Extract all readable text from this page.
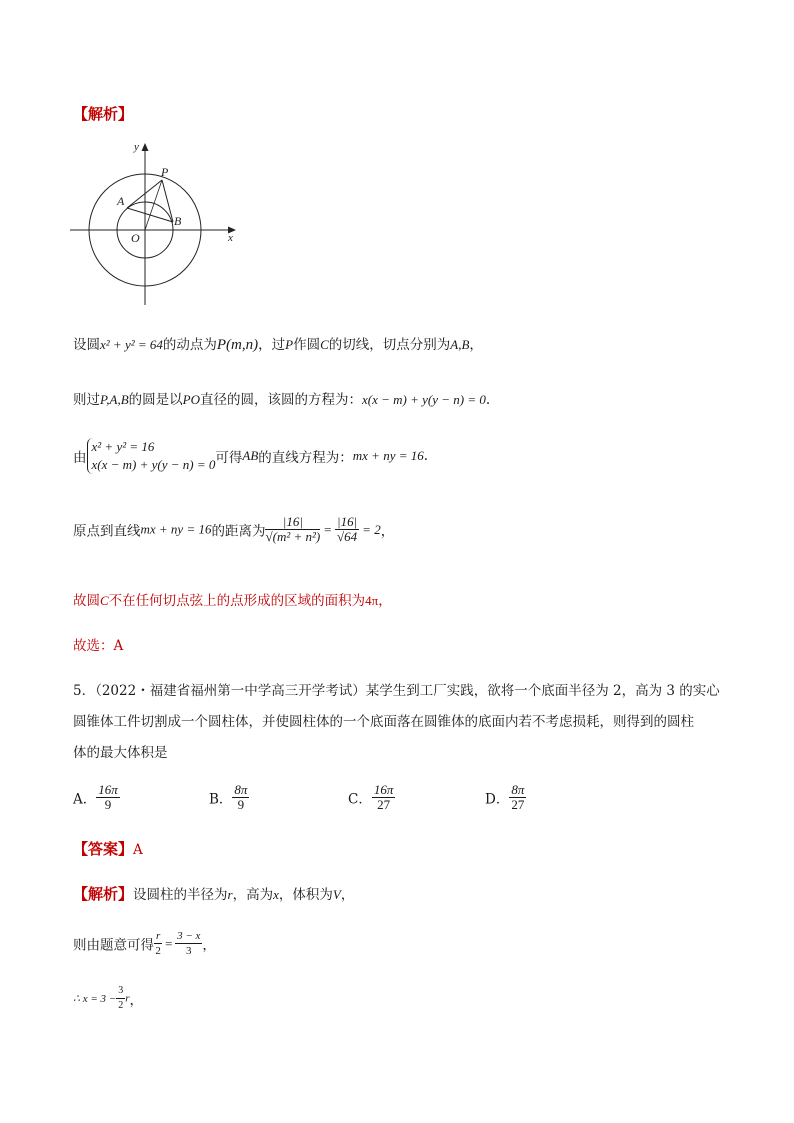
【解析】
y
x
P
A
B
O
设圆x² + y² = 64的动点为P(m,n)，过P作圆C的切线，切点分别为A,B，
则过P,A,B的圆是以PO直径的圆，该圆的方程为：x(x − m) + y(y − n) = 0.
由
x² + y² = 16
x(x − m) + y(y − n) = 0 可得AB的直线方程为：mx + ny = 16.
原点到直线mx + ny = 16的距离为 $\frac{|16|}{\text{√(m² + n²)}} = \frac{|16|}{√64} = 2$，
故圆C不在任何切点弦上的点形成的区域的面积为4π，
故选：A
5．（2022・福建省福州第一中学高三开学考试）某学生到工厂实践，欲将一个底面半径为 2，高为 3 的实心
圆锥体工件切割成一个圆柱体，并使圆柱体的一个底面落在圆锥体的底面内若不考虑损耗，则得到的圆柱
体的最大体积是
A． $\frac{16\pi}{9}$	B． $\frac{8\pi}{9}$	C． $\frac{16\pi}{27}$	D． $\frac{8\pi}{27}$
【答案】A
【解析】设圆柱的半径为r，高为x，体积为V，
则由题意可得 $\frac{r}{2} = \frac{3 - x}{3}$ ，
∴ $x = 3 - \frac{3}{2}$ r，
